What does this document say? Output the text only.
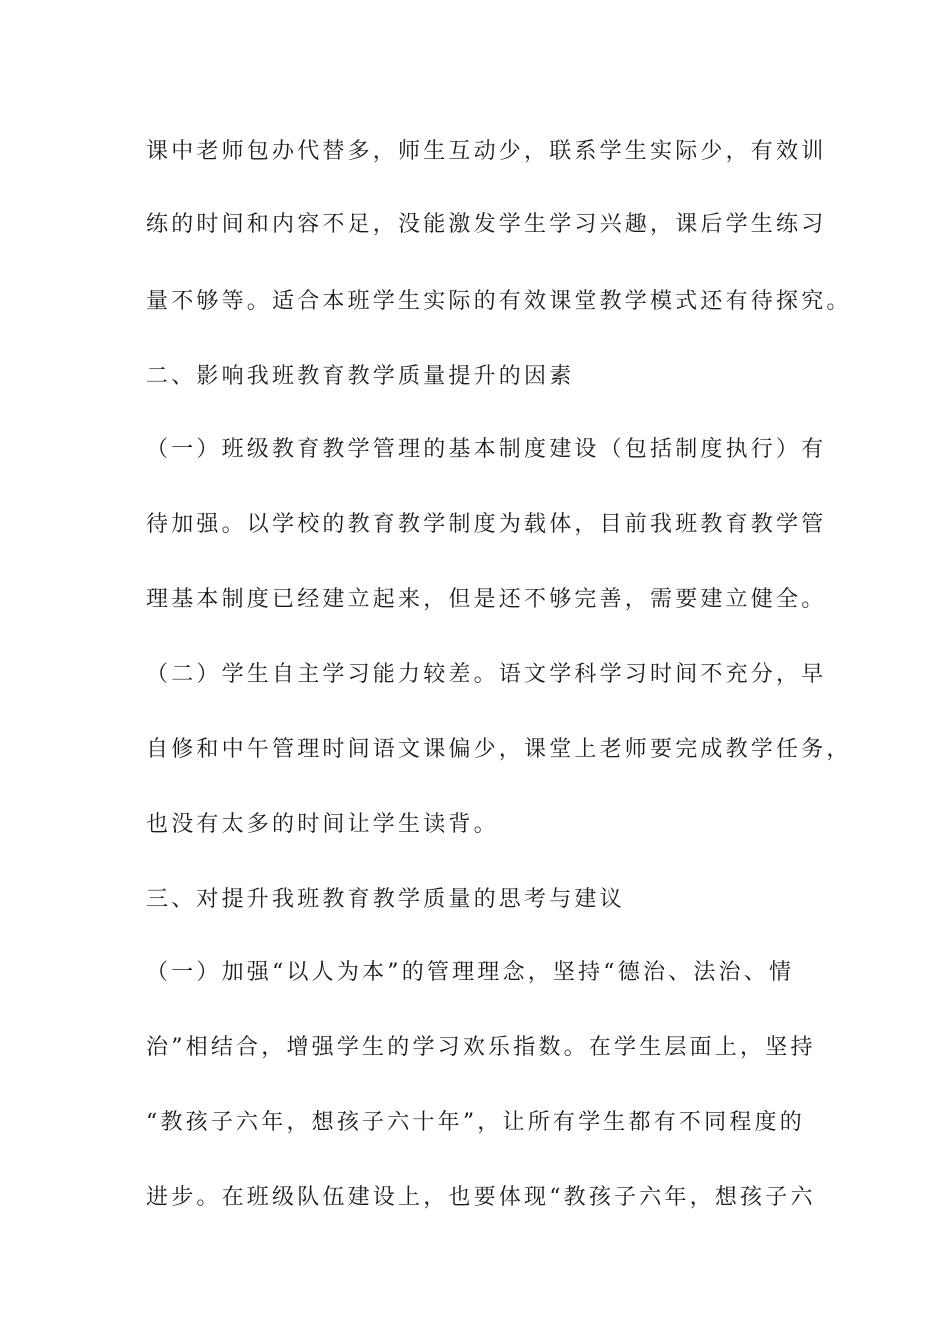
课中老师包办代替多，师生互动少，联系学生实际少，有效训
练的时间和内容不足，没能激发学生学习兴趣，课后学生练习
量不够等。适合本班学生实际的有效课堂教学模式还有待探究。
二、影响我班教育教学质量提升的因素
（一）班级教育教学管理的基本制度建设（包括制度执行）有
待加强。以学校的教育教学制度为载体，目前我班教育教学管
理基本制度已经建立起来，但是还不够完善，需要建立健全。
（二）学生自主学习能力较差。语文学科学习时间不充分，早
自修和中午管理时间语文课偏少，课堂上老师要完成教学任务，
也没有太多的时间让学生读背。
三、对提升我班教育教学质量的思考与建议
（一）加强“以人为本”的管理理念，坚持“德治、法治、情
治”相结合，增强学生的学习欢乐指数。在学生层面上，坚持
“教孩子六年，想孩子六十年”，让所有学生都有不同程度的
进步。在班级队伍建设上，也要体现“教孩子六年，想孩子六
